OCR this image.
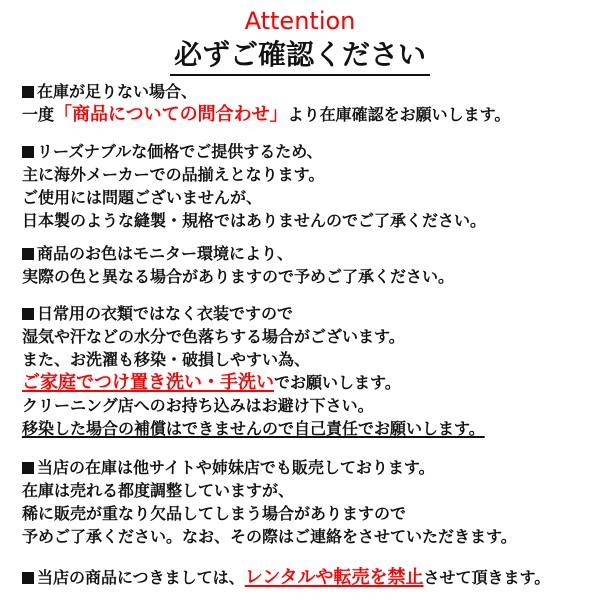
Attention
必ずご確認ください
在庫が足りない場合、
一度「商品についての問合わせ」より在庫確認をお願いします。
リーズナブルな価格でご提供するため、
主に海外メーカーでの品揃えとなります。
ご使用には問題ございませんが、
日本製のような縫製・規格ではありませんのでご了承ください。
商品のお色はモニター環境により、
実際の色と異なる場合がありますので予めご了承ください。
日常用の衣類ではなく衣装ですので
湿気や汗などの水分で色落ちする場合がございます。
また、お洗濯も移染・破損しやすい為、
ご家庭でつけ置き洗い・手洗いでお願いします。
クリーニング店へのお持ち込みはお避け下さい。
移染した場合の補償はできませんので自己責任でお願いします。
当店の在庫は他サイトや姉妹店でも販売しております。
在庫は売れる都度調整していますが、
稀に販売が重なり欠品してしまう場合がありますので
予めご了承ください。なお、その際はご連絡をさせていただきます。
当店の商品につきましては、レンタルや転売を禁止させて頂きます。
